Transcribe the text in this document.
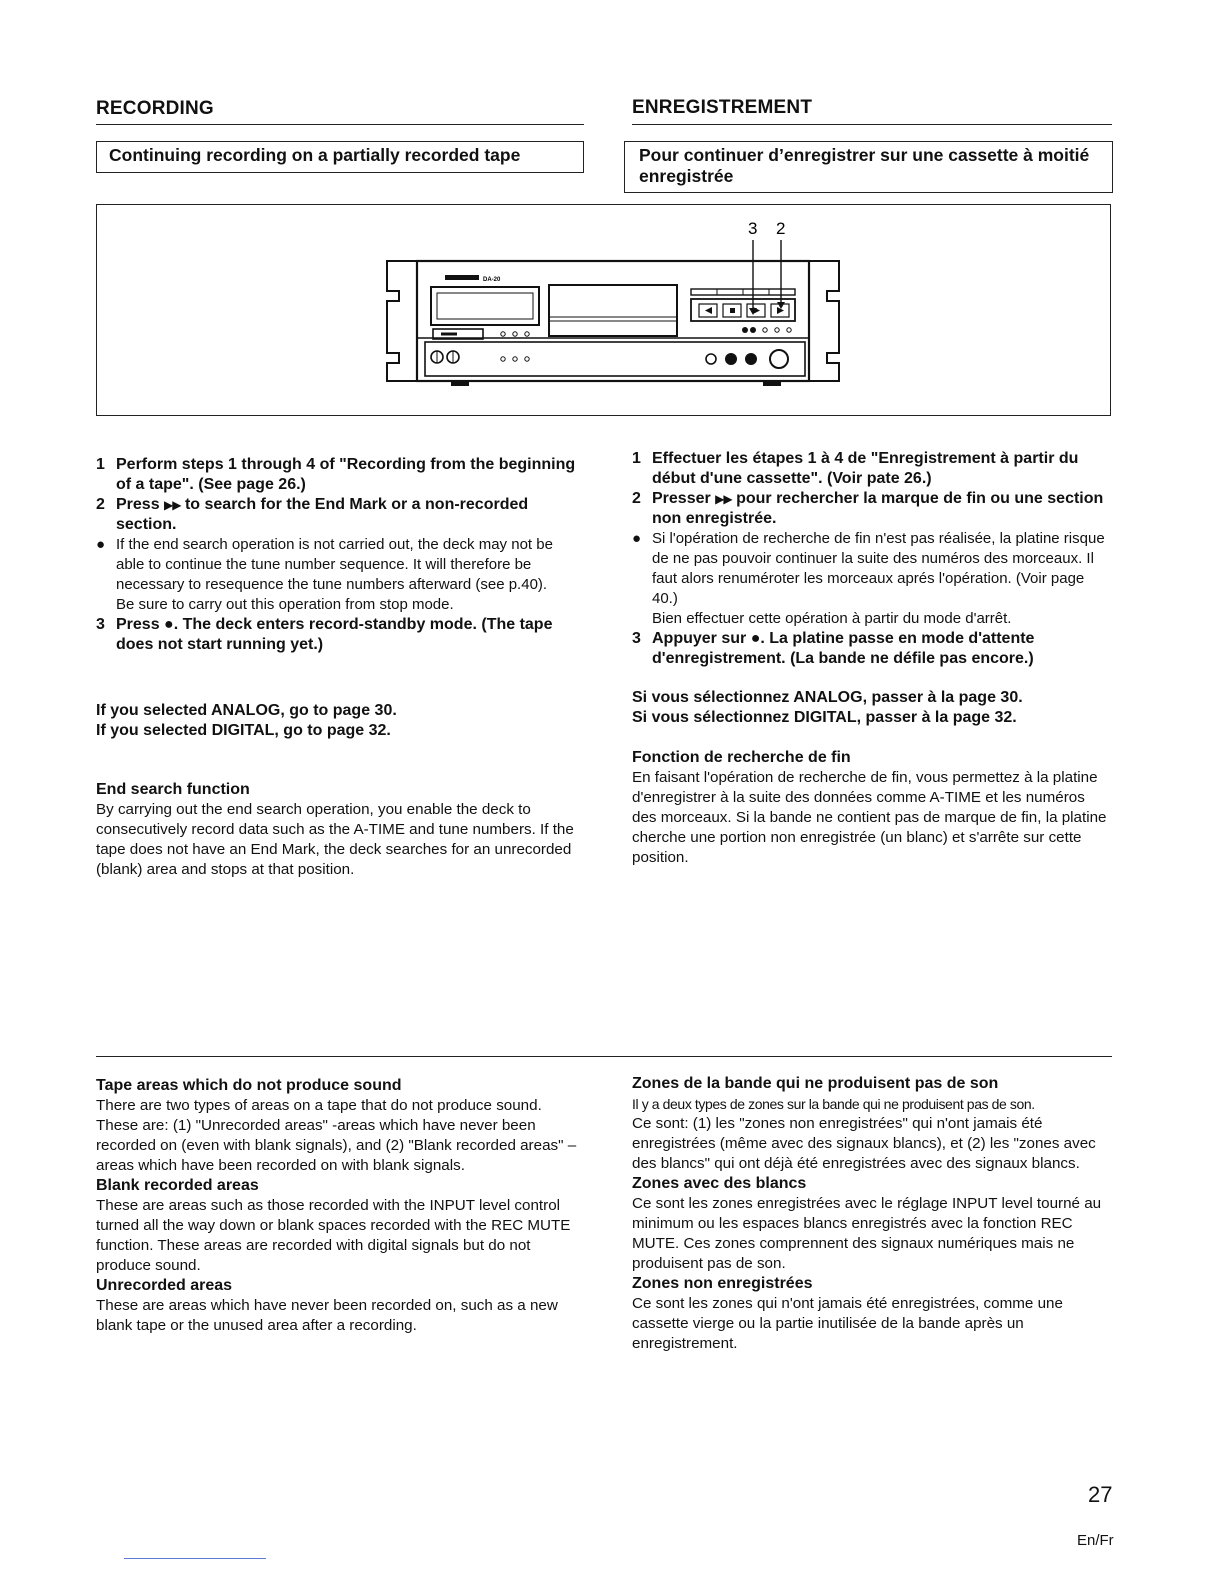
RECORDING	ENREGISTREMENT
Continuing recording on a partially recorded tape	Pour continuer d’enregistrer sur une cassette à moitié enregistrée
3 2
DA-20
1 Perform steps 1 through 4 of "Recording from the beginning of a tape". (See page 26.)
2 Press ▶▶ to search for the End Mark or a non-recorded section.
● If the end search operation is not carried out, the deck may not be able to continue the tune number sequence. It will therefore be necessary to resequence the tune numbers afterward (see p.40).
Be sure to carry out this operation from stop mode.
3 Press ●. The deck enters record-standby mode. (The tape does not start running yet.)

If you selected ANALOG, go to page 30.

If you selected DIGITAL, go to page 32.

End search function

By carrying out the end search operation, you enable the deck to consecutively record data such as the A-TIME and tune numbers. If the tape does not have an End Mark, the deck searches for an unrecorded (blank) area and stops at that position.

1 Effectuer les étapes 1 à 4 de "Enregistrement à partir du début d'une cassette". (Voir pate 26.)
2 Presser ▶▶ pour rechercher la marque de fin ou une section non enregistrée.
● Si l'opération de recherche de fin n'est pas réalisée, la platine risque de ne pas pouvoir continuer la suite des numéros des morceaux. Il faut alors renuméroter les morceaux aprés l'opération. (Voir page 40.)
Bien effectuer cette opération à partir du mode d'arrêt.
3 Appuyer sur ●. La platine passe en mode d'attente d'enregistrement. (La bande ne défile pas encore.)

Si vous sélectionnez ANALOG, passer à la page 30.

Si vous sélectionnez DIGITAL, passer à la page 32.

Fonction de recherche de fin

En faisant l'opération de recherche de fin, vous permettez à la platine d'enregistrer à la suite des données comme A-TIME et les numéros des morceaux. Si la bande ne contient pas de marque de fin, la platine cherche une portion non enregistrée (un blanc) et s'arrête sur cette position.

Tape areas which do not produce sound

There are two types of areas on a tape that do not produce sound.

These are: (1) "Unrecorded areas" -areas which have never been recorded on (even with blank signals), and (2) "Blank recorded areas" – areas which have been recorded on with blank signals.

Blank recorded areas

These are areas such as those recorded with the INPUT level control turned all the way down or blank spaces recorded with the REC MUTE function. These areas are recorded with digital signals but do not produce sound.

Unrecorded areas

These are areas which have never been recorded on, such as a new blank tape or the unused area after a recording.

Zones de la bande qui ne produisent pas de son

Il y a deux types de zones sur la bande qui ne produisent pas de son.

Ce sont: (1) les "zones non enregistrées" qui n'ont jamais été enregistrées (même avec des signaux blancs), et (2) les "zones avec des blancs" qui ont déjà été enregistrées avec des signaux blancs.

Zones avec des blancs

Ce sont les zones enregistrées avec le réglage INPUT level tourné au minimum ou les espaces blancs enregistrés avec la fonction REC MUTE. Ces zones comprennent des signaux numériques mais ne produisent pas de son.

Zones non enregistrées

Ce sont les zones qui n'ont jamais été enregistrées, comme une cassette vierge ou la partie inutilisée de la bande après un enregistrement.

27
En/Fr
